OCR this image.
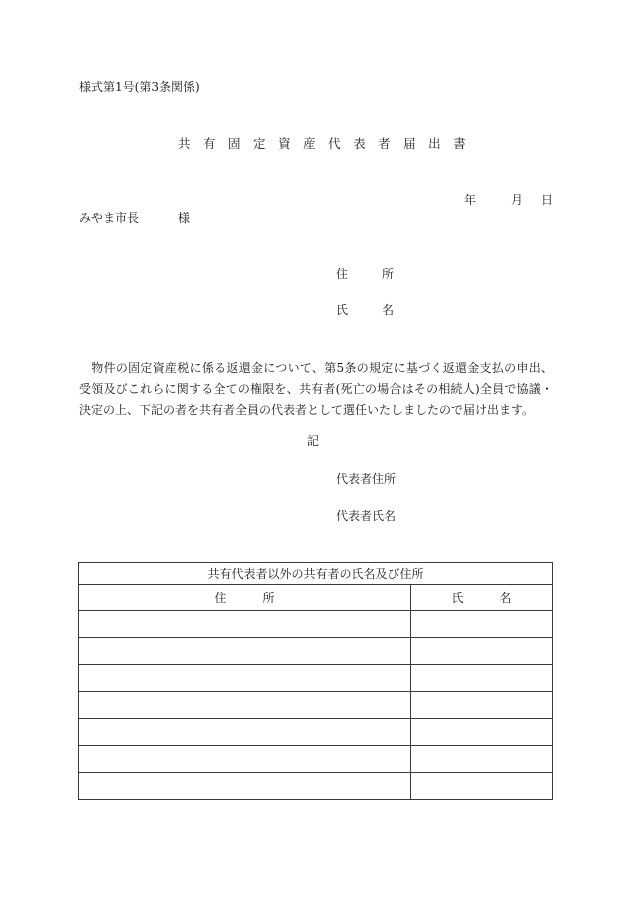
様式第1号(第3条関係)
共 有 固 定 資 産 代 表 者 届 出 書
年	月 日
みやま市長	様
住	所
氏	名
　物件の固定資産税に係る返還金について、第5条の規定に基づく返還金支払の申出、受領及びこれらに関する全ての権限を、共有者(死亡の場合はその相続人)全員で協議・決定の上、下記の者を共有者全員の代表者として選任いたしましたので届け出ます。
記
代表者住所
代表者氏名
共有代表者以外の共有者の氏名及び住所	
住 所	氏 名
